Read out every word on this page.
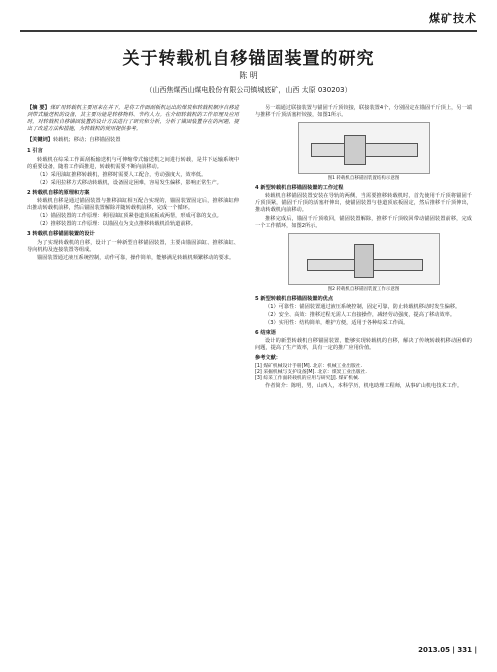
煤矿技术
关于转载机自移锚固装置的研究
陈 明
（山西焦煤西山煤电股份有限公司镇城底矿，山西 太原 030203）
【摘 要】煤矿用转载机主要用来在井下，是将工作面刮板机运出的煤炭和转载机顺序自移进到带式输送机的设备，其主要功能是转移物料、节约人力。在介绍转载机的工作原理及应用时，对转载机自移锚固装置的设计方法进行了研究和分析，分析了锚固装置存在的问题，提出了改进方法和措施，为转载机的使用提供参考。
【关键词】转载机；移动；自移锚固装置
1 引言
转载机在综采工作面刮板输送机与可伸缩带式输送机之间进行转载，是井下运输系统中的重要设备，随着工作面推进，转载机需要不断向前移动。
（1）采用油缸推移转载机，推移时需要人工配合，劳动强度大，效率低。
（2）采用拉移方式移动转载机，设备固定困难，容易发生偏移，影响正常生产。
2 转载机自移的原理和方案
转载机自移是通过锚固装置与推移油缸相互配合实现的，锚固装置固定后，推移油缸伸出推动转载机前移，然后锚固装置解除并随转载机前移，完成一个循环。
（1）锚固装置的工作原理：利用油缸顶紧巷道顶底板或两帮，形成可靠的支点。
（2）推移装置的工作原理：以锚固点为支点推移转载机沿轨道前移。
3 转载机自移锚固装置的设计
为了实现转载机的自移，设计了一种新型自移锚固装置，主要由锚固油缸、推移油缸、导向机构及连接装置等组成。
锚固装置通过液压系统控制，动作可靠，操作简单，能够满足转载机频繁移动的要求。
另一端通过联接装置与锚固千斤顶铰接，联接装置4个，分别固定在锚固千斤顶上，另一端与推移千斤顶活塞杆铰接，如图1所示。
图1 转载机自移锚固装置结构示意图
4 新型转载机自移锚固装置的工作过程
转载机自移锚固装置安装在导轨的两侧，当需要推移转载机时，首先使用千斤顶将锚固千斤顶顶紧，锚固千斤顶的活塞杆伸出，使锚固装置与巷道顶底板固定，然后推移千斤顶伸出，推动转载机向前移动。
推移完成后，锚固千斤顶收回，锚固装置解除，推移千斤顶收回带动锚固装置前移，完成一个工作循环，如图2所示。
图2 转载机自移锚固装置工作示意图
5 新型转载机自移锚固装置的优点
（1）可靠性：锚固装置通过液压系统控制，固定可靠，防止转载机移动时发生偏移。
（2）安全、高效：推移过程无需人工直接操作，减轻劳动强度，提高了移动效率。
（3）实用性：结构简单，维护方便，适用于各种综采工作面。
6 结束语
设计的新型转载机自移锚固装置，能够实现转载机的自移，解决了传统转载机移动困难的问题，提高了生产效率，具有一定的推广应用价值。
参考文献：
[1] 煤矿机械设计手册[M]. 北京：机械工业出版社.
[2] 采掘机械与支护设备[M]. 北京：煤炭工业出版社.
[3] 综采工作面转载机的应用与研究[J]. 煤矿机械.
作者简介：陈明，男，山西人，本科学历，机电助理工程师，从事矿山机电技术工作。
2013.05 | 331 |
